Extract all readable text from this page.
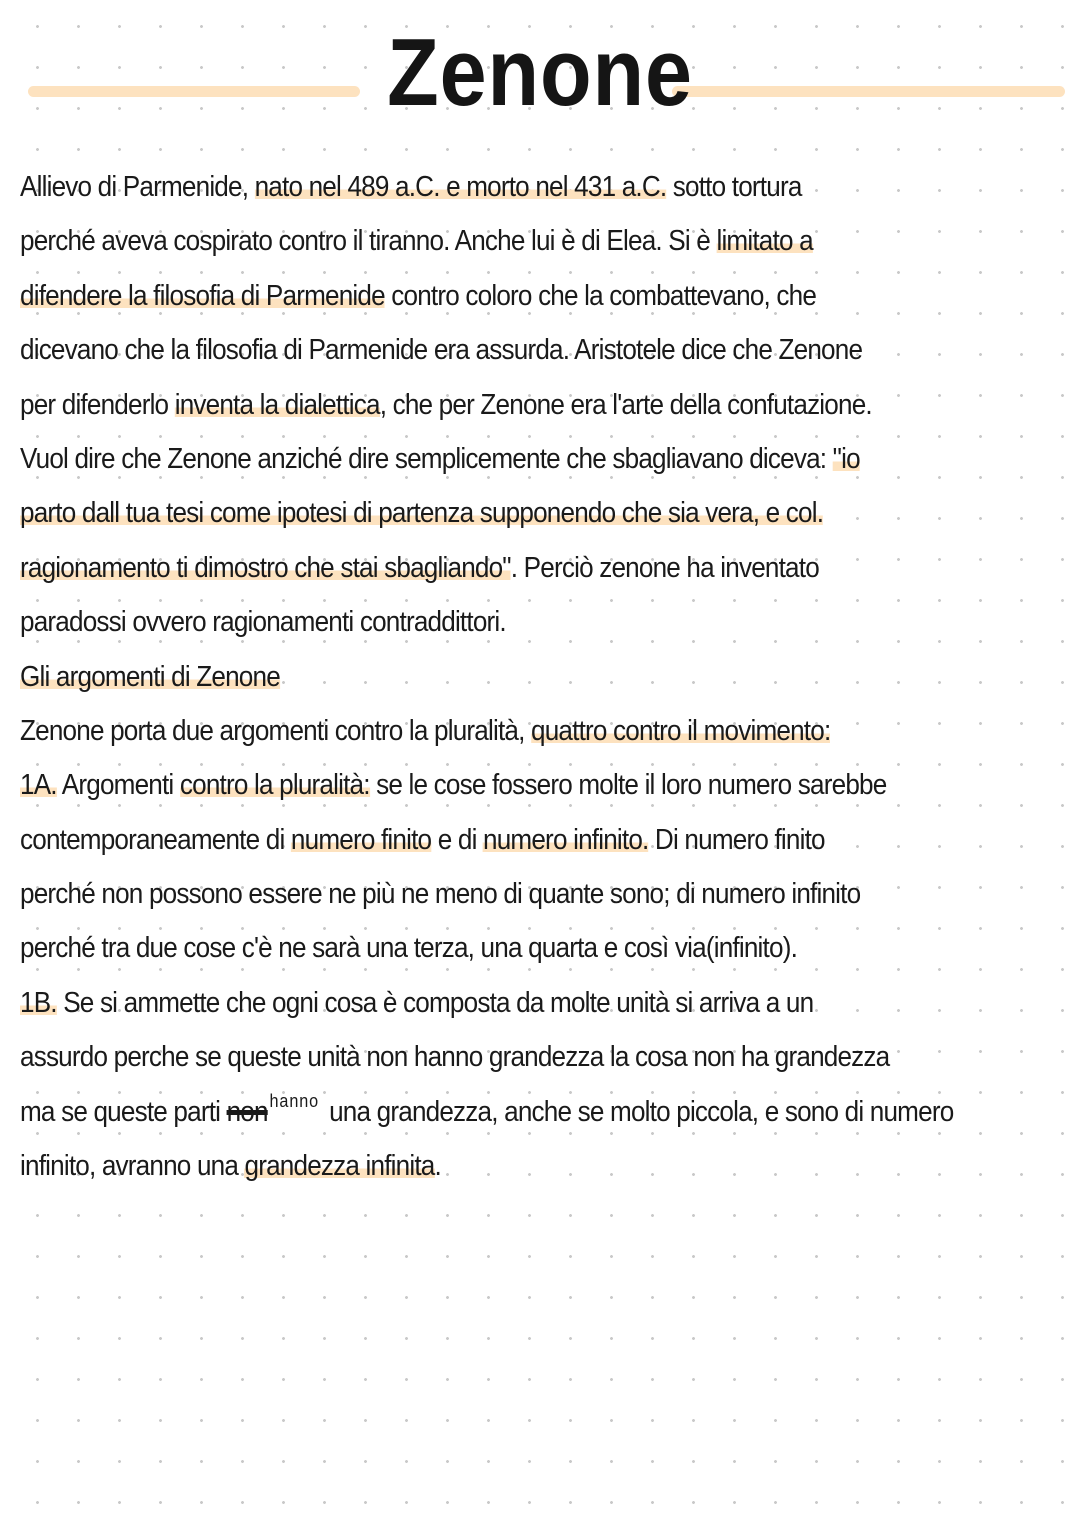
Zenone
Allievo di Parmenide, nato nel 489 a.C. e morto nel 431 a.C. sotto tortura
perché aveva cospirato contro il tiranno. Anche lui è di Elea. Si è limitato a
difendere la filosofia di Parmenide contro coloro che la combattevano, che
dicevano che la filosofia di Parmenide era assurda. Aristotele dice che Zenone
per difenderlo inventa la dialettica, che per Zenone era l'arte della confutazione.
Vuol dire che Zenone anziché dire semplicemente che sbagliavano diceva: "io
parto dall tua tesi come ipotesi di partenza supponendo che sia vera, e col.
ragionamento ti dimostro che stai sbagliando". Perciò zenone ha inventato
paradossi ovvero ragionamenti contraddittori.
Gli argomenti di Zenone
Zenone porta due argomenti contro la pluralità, quattro contro il movimento:
1A. Argomenti contro la pluralità: se le cose fossero molte il loro numero sarebbe
contemporaneamente di numero finito e di numero infinito. Di numero finito
perché non possono essere ne più ne meno di quante sono; di numero infinito
perché tra due cose c'è ne sarà una terza, una quarta e così via(infinito).
1B. Se si ammette che ogni cosa è composta da molte unità si arriva a un
assurdo perche se queste unità non hanno grandezza la cosa non ha grandezza
ma se queste parti non hanno una grandezza, anche se molto piccola, e sono di numero
infinito, avranno una grandezza infinita.
